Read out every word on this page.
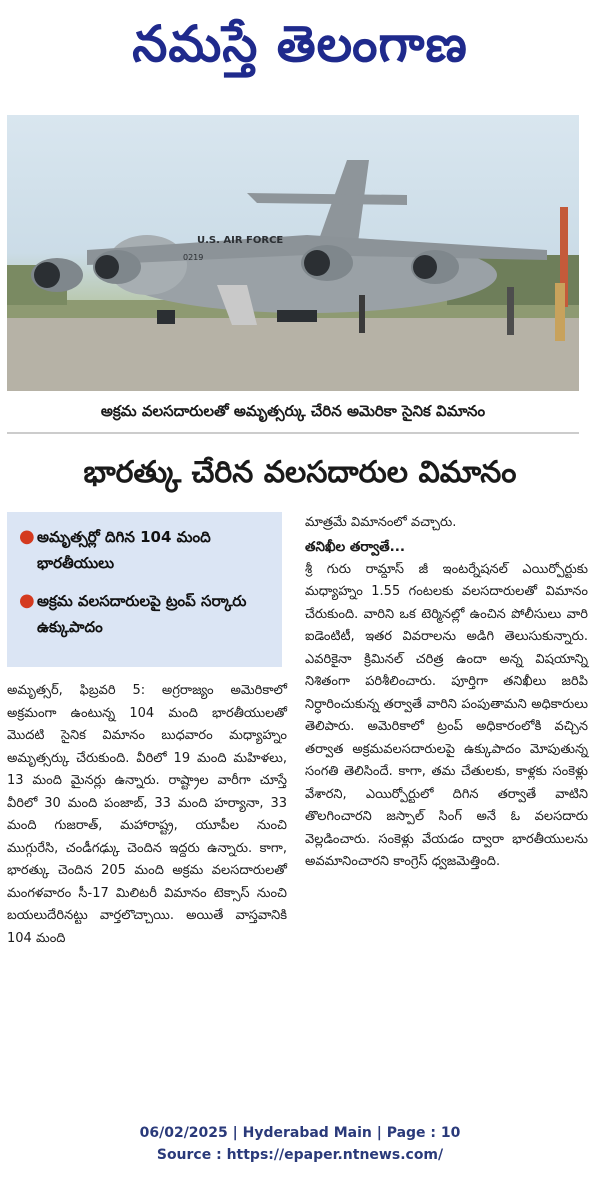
నమస్తే తెలంగాణ
U.S. AIR FORCE
0219
అక్రమ వలసదారులతో అమృత్సర్కు చేరిన అమెరికా సైనిక విమానం
భారత్కు చేరిన వలసదారుల విమానం
● అమృత్సర్లో దిగిన 104 మంది భారతీయులు
● అక్రమ వలసదారులపై ట్రంప్ సర్కారు ఉక్కుపాదం
అమృత్సర్, ఫిబ్రవరి 5: అగ్రరాజ్యం అమెరికాలో అక్రమంగా ఉంటున్న 104 మంది భారతీయులతో మొదటి సైనిక విమానం బుధవారం మధ్యాహ్నం అమృత్సర్కు చేరుకుంది. వీరిలో 19 మంది మహిళలు, 13 మంది మైనర్లు ఉన్నారు. రాష్ట్రాల వారీగా చూస్తే వీరిలో 30 మంది పంజాబ్, 33 మంది హర్యానా, 33 మంది గుజరాత్, మహారాష్ట్ర, యూపీల నుంచి ముగ్గురేసి, చండీగఢ్కు చెందిన ఇద్దరు ఉన్నారు. కాగా, భారత్కు చెందిన 205 మంది అక్రమ వలసదారులతో మంగళవారం సీ-17 మిలిటరీ విమానం టెక్సాస్ నుంచి బయలుదేరినట్టు వార్తలొచ్చాయి. అయితే వాస్తవానికి 104 మంది
మాత్రమే విమానంలో వచ్చారు.
తనిఖీల తర్వాతే...
శ్రీ గురు రామ్దాస్ జీ ఇంటర్నేషనల్ ఎయిర్పోర్టుకు మధ్యాహ్నం 1.55 గంటలకు వలసదారులతో విమానం చేరుకుంది. వారిని ఒక టెర్మినల్లో ఉంచిన పోలీసులు వారి ఐడెంటిటీ, ఇతర వివరాలను అడిగి తెలుసుకున్నారు. ఎవరికైనా క్రిమినల్ చరిత్ర ఉందా అన్న విషయాన్ని నిశితంగా పరిశీలించారు. పూర్తిగా తనిఖీలు జరిపి నిర్ధారించుకున్న తర్వాతే వారిని పంపుతామని అధికారులు తెలిపారు. అమెరికాలో ట్రంప్ అధికారంలోకి వచ్చిన తర్వాత అక్రమవలసదారులపై ఉక్కుపాదం మోపుతున్న సంగతి తెలిసిందే. కాగా, తమ చేతులకు, కాళ్లకు సంకెళ్లు వేశారని, ఎయిర్పోర్టులో దిగిన తర్వాతే వాటిని తొలగించారని జస్పాల్ సింగ్ అనే ఓ వలసదారు వెల్లడించారు. సంకెళ్లు వేయడం ద్వారా భారతీయులను అవమానించారని కాంగ్రెస్ ధ్వజమెత్తింది.
06/02/2025 | Hyderabad Main | Page : 10
Source : https://epaper.ntnews.com/
